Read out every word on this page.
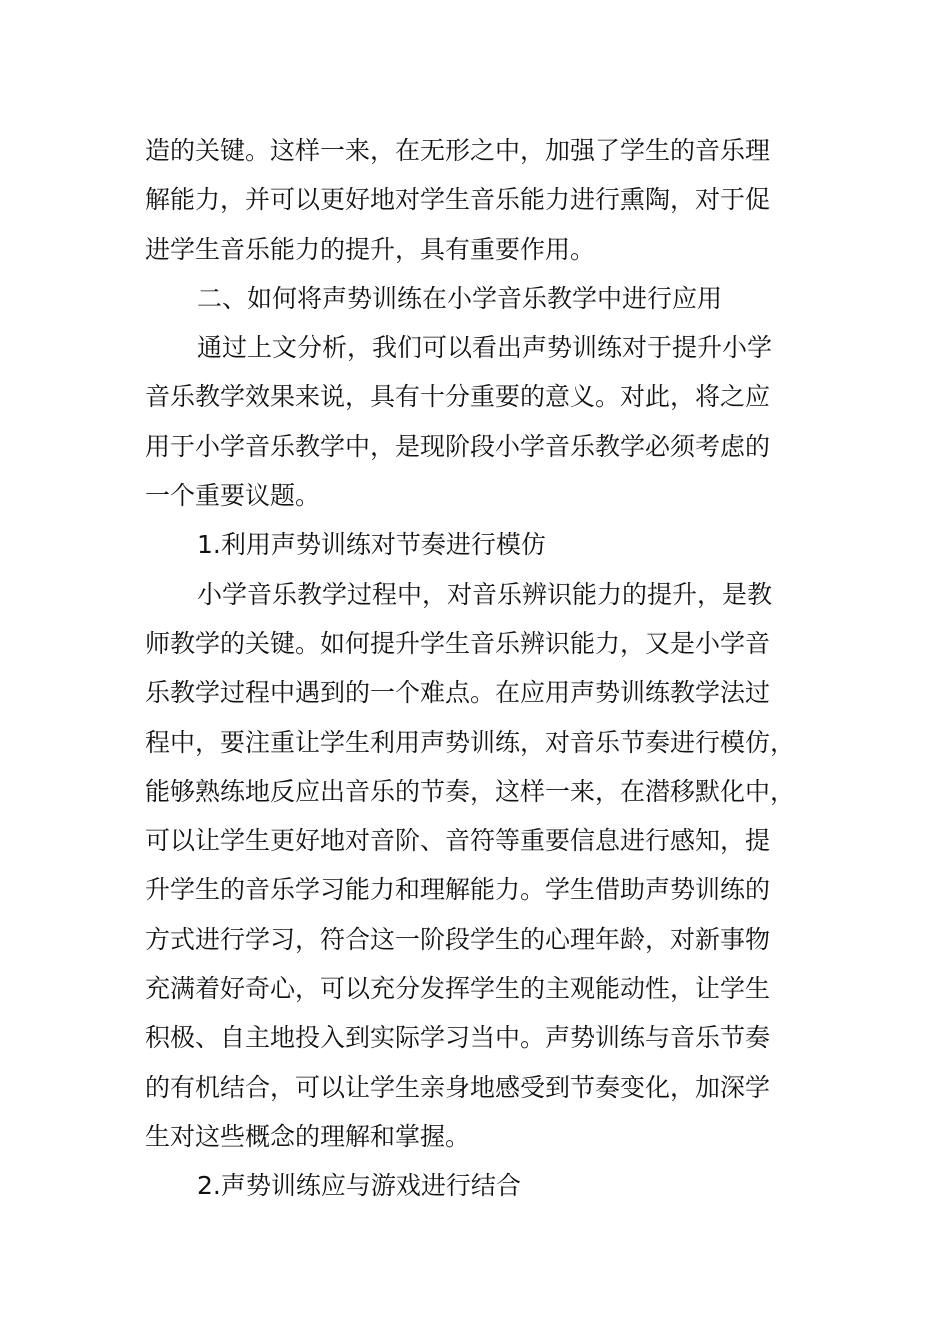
造的关键。这样一来，在无形之中，加强了学生的音乐理
解能力，并可以更好地对学生音乐能力进行熏陶，对于促
进学生音乐能力的提升，具有重要作用。
二、如何将声势训练在小学音乐教学中进行应用
通过上文分析，我们可以看出声势训练对于提升小学
音乐教学效果来说，具有十分重要的意义。对此，将之应
用于小学音乐教学中，是现阶段小学音乐教学必须考虑的
一个重要议题。
1.利用声势训练对节奏进行模仿
小学音乐教学过程中，对音乐辨识能力的提升，是教
师教学的关键。如何提升学生音乐辨识能力，又是小学音
乐教学过程中遇到的一个难点。在应用声势训练教学法过
程中，要注重让学生利用声势训练，对音乐节奏进行模仿，
能够熟练地反应出音乐的节奏，这样一来，在潜移默化中，
可以让学生更好地对音阶、音符等重要信息进行感知，提
升学生的音乐学习能力和理解能力。学生借助声势训练的
方式进行学习，符合这一阶段学生的心理年龄，对新事物
充满着好奇心，可以充分发挥学生的主观能动性，让学生
积极、自主地投入到实际学习当中。声势训练与音乐节奏
的有机结合，可以让学生亲身地感受到节奏变化，加深学
生对这些概念的理解和掌握。
2.声势训练应与游戏进行结合
